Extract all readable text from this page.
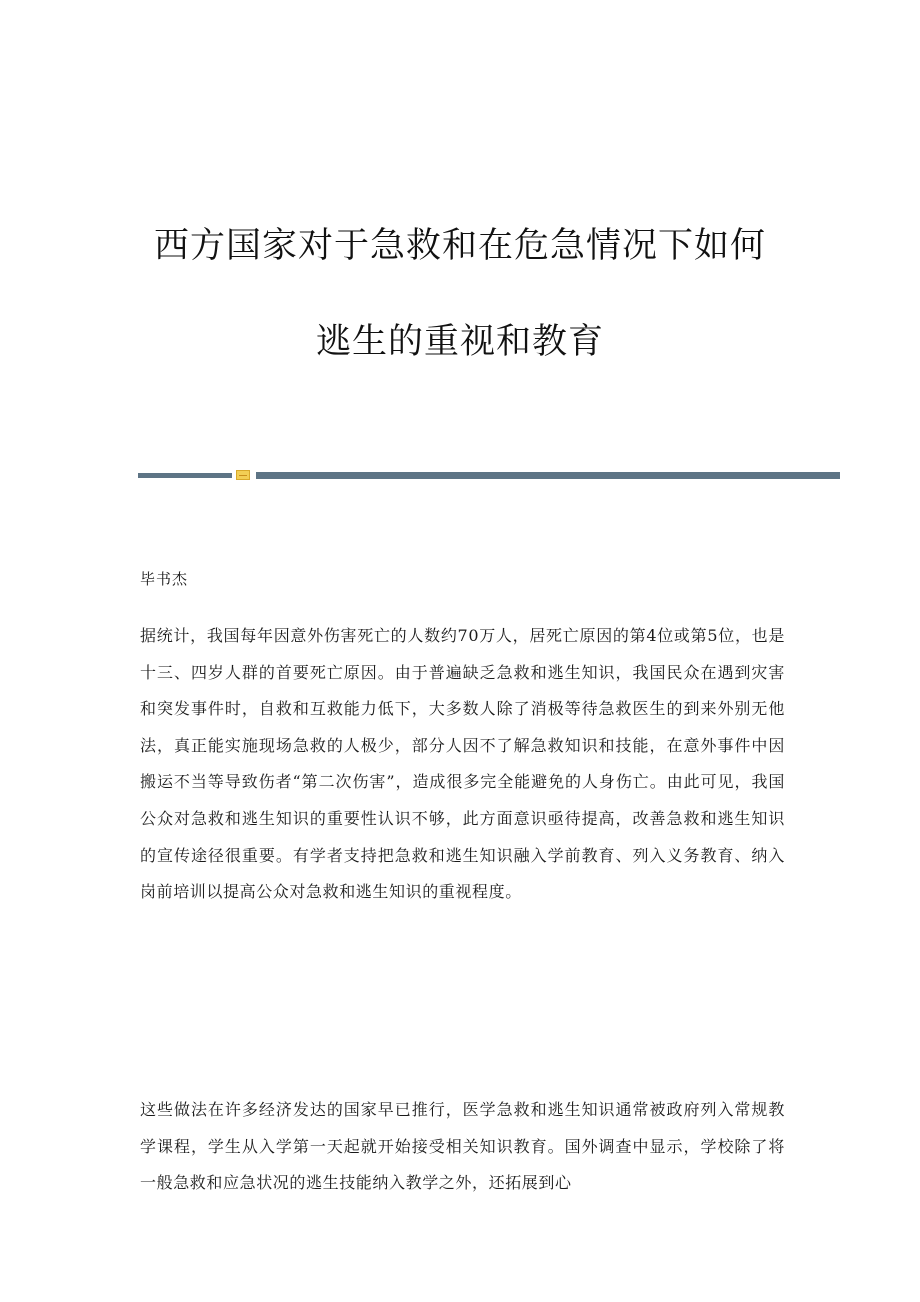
西方国家对于急救和在危急情况下如何
逃生的重视和教育

毕书杰

据统计，我国每年因意外伤害死亡的人数约70万人，居死亡原因的第4位或第5位，也是十三、四岁人群的首要死亡原因。由于普遍缺乏急救和逃生知识，我国民众在遇到灾害和突发事件时，自救和互救能力低下，大多数人除了消极等待急救医生的到来外别无他法，真正能实施现场急救的人极少，部分人因不了解急救知识和技能，在意外事件中因搬运不当等导致伤者“第二次伤害”，造成很多完全能避免的人身伤亡。由此可见，我国公众对急救和逃生知识的重要性认识不够，此方面意识亟待提高，改善急救和逃生知识的宣传途径很重要。有学者支持把急救和逃生知识融入学前教育、列入义务教育、纳入岗前培训以提高公众对急救和逃生知识的重视程度。

这些做法在许多经济发达的国家早已推行，医学急救和逃生知识通常被政府列入常规教学课程，学生从入学第一天起就开始接受相关知识教育。国外调查中显示，学校除了将一般急救和应急状况的逃生技能纳入教学之外，还拓展到心
